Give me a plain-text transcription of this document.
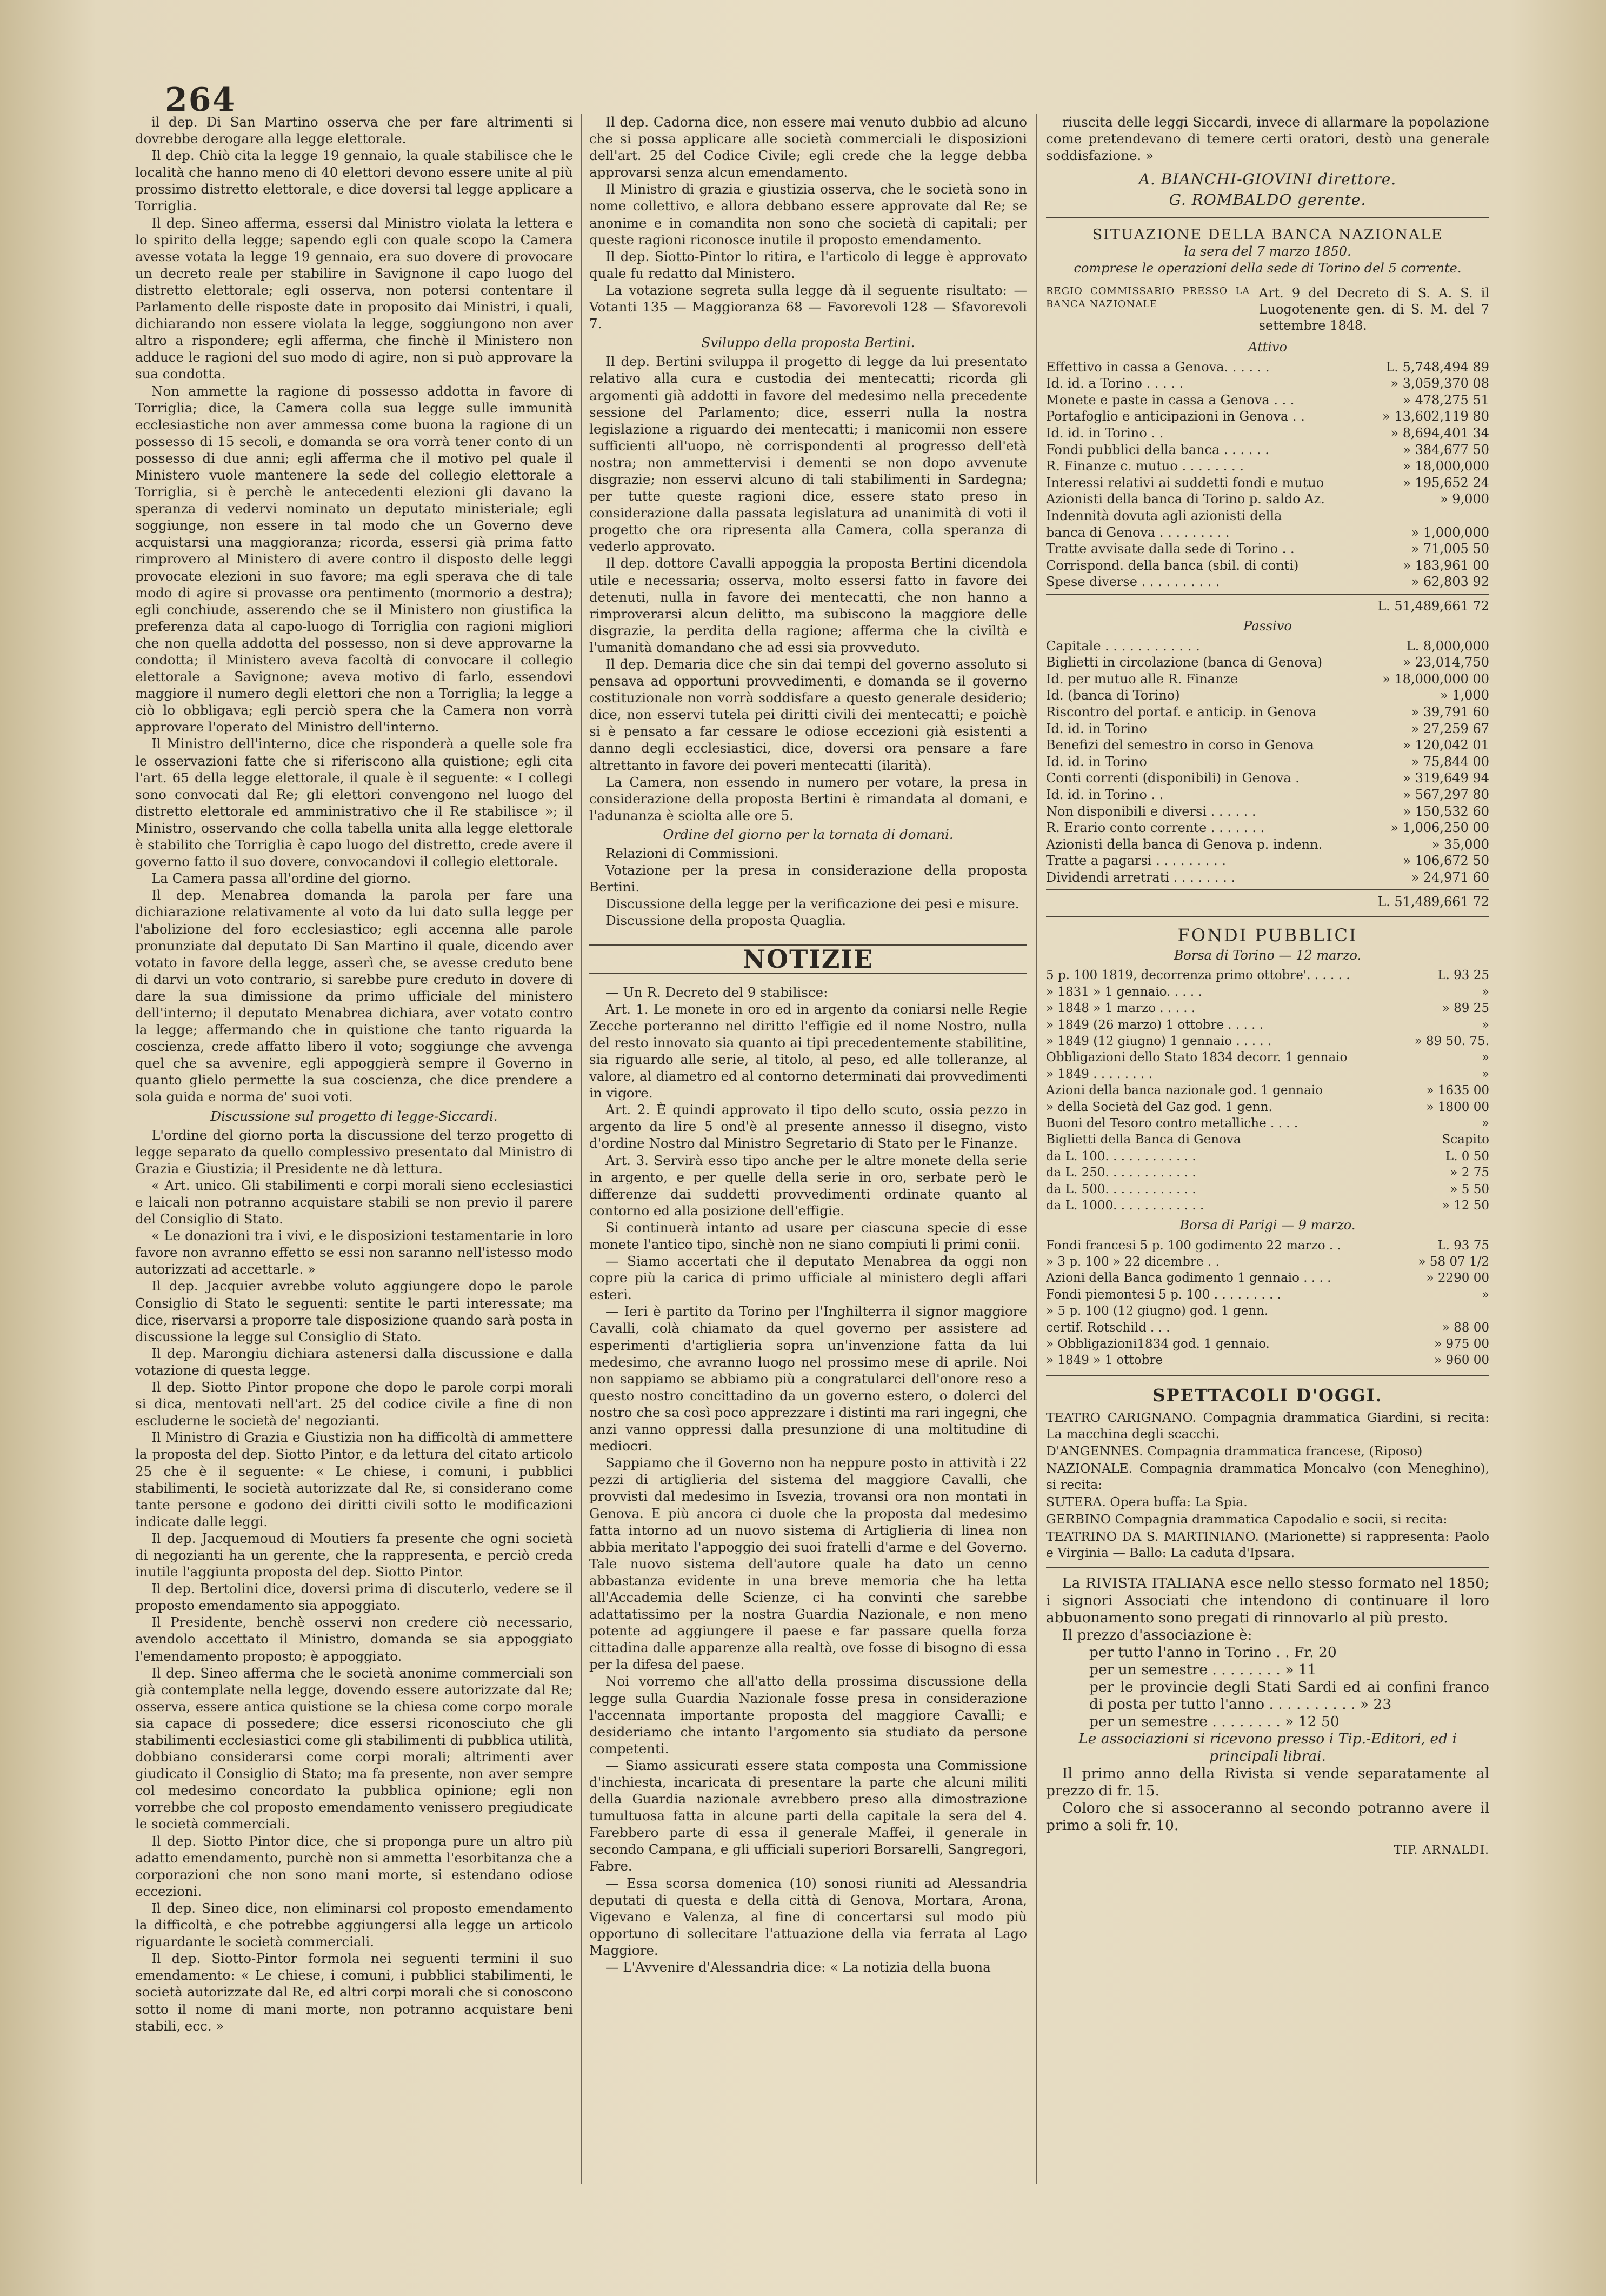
264

il dep. Di San Martino osserva che per fare altrimenti si dovrebbe derogare alla legge elettorale.

Il dep. Chiò cita la legge 19 gennaio, la quale stabilisce che le località che hanno meno di 40 elettori devono essere unite al più prossimo distretto elettorale, e dice doversi tal legge applicare a Torriglia.

Il dep. Sineo afferma, essersi dal Ministro violata la lettera e lo spirito della legge; sapendo egli con quale scopo la Camera avesse votata la legge 19 gennaio, era suo dovere di provocare un decreto reale per stabilire in Savignone il capo luogo del distretto elettorale; egli osserva, non potersi contentare il Parlamento delle risposte date in proposito dai Ministri, i quali, dichiarando non essere violata la legge, soggiungono non aver altro a rispondere; egli afferma, che finchè il Ministero non adduce le ragioni del suo modo di agire, non si può approvare la sua condotta.

Non ammette la ragione di possesso addotta in favore di Torriglia; dice, la Camera colla sua legge sulle immunità ecclesiastiche non aver ammessa come buona la ragione di un possesso di 15 secoli, e domanda se ora vorrà tener conto di un possesso di due anni; egli afferma che il motivo pel quale il Ministero vuole mantenere la sede del collegio elettorale a Torriglia, si è perchè le antecedenti elezioni gli davano la speranza di vedervi nominato un deputato ministeriale; egli soggiunge, non essere in tal modo che un Governo deve acquistarsi una maggioranza; ricorda, essersi già prima fatto rimprovero al Ministero di avere contro il disposto delle leggi provocate elezioni in suo favore; ma egli sperava che di tale modo di agire si provasse ora pentimento (mormorio a destra); egli conchiude, asserendo che se il Ministero non giustifica la preferenza data al capo-luogo di Torriglia con ragioni migliori che non quella addotta del possesso, non si deve approvarne la condotta; il Ministero aveva facoltà di convocare il collegio elettorale a Savignone; aveva motivo di farlo, essendovi maggiore il numero degli elettori che non a Torriglia; la legge a ciò lo obbligava; egli perciò spera che la Camera non vorrà approvare l'operato del Ministro dell'interno.

Il Ministro dell'interno, dice che risponderà a quelle sole fra le osservazioni fatte che si riferiscono alla quistione; egli cita l'art. 65 della legge elettorale, il quale è il seguente: « I collegi sono convocati dal Re; gli elettori convengono nel luogo del distretto elettorale ed amministrativo che il Re stabilisce »; il Ministro, osservando che colla tabella unita alla legge elettorale è stabilito che Torriglia è capo luogo del distretto, crede avere il governo fatto il suo dovere, convocandovi il collegio elettorale.

La Camera passa all'ordine del giorno.

Il dep. Menabrea domanda la parola per fare una dichiarazione relativamente al voto da lui dato sulla legge per l'abolizione del foro ecclesiastico; egli accenna alle parole pronunziate dal deputato Di San Martino il quale, dicendo aver votato in favore della legge, asserì che, se avesse creduto bene di darvi un voto contrario, si sarebbe pure creduto in dovere di dare la sua dimissione da primo ufficiale del ministero dell'interno; il deputato Menabrea dichiara, aver votato contro la legge; affermando che in quistione che tanto riguarda la coscienza, crede affatto libero il voto; soggiunge che avvenga quel che sa avvenire, egli appoggierà sempre il Governo in quanto glielo permette la sua coscienza, che dice prendere a sola guida e norma de' suoi voti.

Discussione sul progetto di legge-Siccardi.

L'ordine del giorno porta la discussione del terzo progetto di legge separato da quello complessivo presentato dal Ministro di Grazia e Giustizia; il Presidente ne dà lettura.

« Art. unico. Gli stabilimenti e corpi morali sieno ecclesiastici e laicali non potranno acquistare stabili se non previo il parere del Consiglio di Stato.

« Le donazioni tra i vivi, e le disposizioni testamentarie in loro favore non avranno effetto se essi non saranno nell'istesso modo autorizzati ad accettarle. »

Il dep. Jacquier avrebbe voluto aggiungere dopo le parole Consiglio di Stato le seguenti: sentite le parti interessate; ma dice, riservarsi a proporre tale disposizione quando sarà posta in discussione la legge sul Consiglio di Stato.

Il dep. Marongiu dichiara astenersi dalla discussione e dalla votazione di questa legge.

Il dep. Siotto Pintor propone che dopo le parole corpi morali si dica, mentovati nell'art. 25 del codice civile a fine di non escluderne le società de' negozianti.

Il Ministro di Grazia e Giustizia non ha difficoltà di ammettere la proposta del dep. Siotto Pintor, e da lettura del citato articolo 25 che è il seguente: « Le chiese, i comuni, i pubblici stabilimenti, le società autorizzate dal Re, si considerano come tante persone e godono dei diritti civili sotto le modificazioni indicate dalle leggi.

Il dep. Jacquemoud di Moutiers fa presente che ogni società di negozianti ha un gerente, che la rappresenta, e perciò creda inutile l'aggiunta proposta del dep. Siotto Pintor.

Il dep. Bertolini dice, doversi prima di discuterlo, vedere se il proposto emendamento sia appoggiato.

Il Presidente, benchè osservi non credere ciò necessario, avendolo accettato il Ministro, domanda se sia appoggiato l'emendamento proposto; è appoggiato.

Il dep. Sineo afferma che le società anonime commerciali son già contemplate nella legge, dovendo essere autorizzate dal Re; osserva, essere antica quistione se la chiesa come corpo morale sia capace di possedere; dice essersi riconosciuto che gli stabilimenti ecclesiastici come gli stabilimenti di pubblica utilità, dobbiano considerarsi come corpi morali; altrimenti aver giudicato il Consiglio di Stato; ma fa presente, non aver sempre col medesimo concordato la pubblica opinione; egli non vorrebbe che col proposto emendamento venissero pregiudicate le società commerciali.

Il dep. Siotto Pintor dice, che si proponga pure un altro più adatto emendamento, purchè non si ammetta l'esorbitanza che a corporazioni che non sono mani morte, si estendano odiose eccezioni.

Il dep. Sineo dice, non eliminarsi col proposto emendamento la difficoltà, e che potrebbe aggiungersi alla legge un articolo riguardante le società commerciali.

Il dep. Siotto-Pintor formola nei seguenti termini il suo emendamento: « Le chiese, i comuni, i pubblici stabilimenti, le società autorizzate dal Re, ed altri corpi morali che si conoscono sotto il nome di mani morte, non potranno acquistare beni stabili, ecc. »

Il dep. Cadorna dice, non essere mai venuto dubbio ad alcuno che si possa applicare alle società commerciali le disposizioni dell'art. 25 del Codice Civile; egli crede che la legge debba approvarsi senza alcun emendamento.

Il Ministro di grazia e giustizia osserva, che le società sono in nome collettivo, e allora debbano essere approvate dal Re; se anonime e in comandita non sono che società di capitali; per queste ragioni riconosce inutile il proposto emendamento.

Il dep. Siotto-Pintor lo ritira, e l'articolo di legge è approvato quale fu redatto dal Ministero.

La votazione segreta sulla legge dà il seguente risultato: — Votanti 135 — Maggioranza 68 — Favorevoli 128 — Sfavorevoli 7.

Sviluppo della proposta Bertini.

Il dep. Bertini sviluppa il progetto di legge da lui presentato relativo alla cura e custodia dei mentecatti; ricorda gli argomenti già addotti in favore del medesimo nella precedente sessione del Parlamento; dice, esserri nulla la nostra legislazione a riguardo dei mentecatti; i manicomii non essere sufficienti all'uopo, nè corrispondenti al progresso dell'età nostra; non ammettervisi i dementi se non dopo avvenute disgrazie; non esservi alcuno di tali stabilimenti in Sardegna; per tutte queste ragioni dice, essere stato preso in considerazione dalla passata legislatura ad unanimità di voti il progetto che ora ripresenta alla Camera, colla speranza di vederlo approvato.

Il dep. dottore Cavalli appoggia la proposta Bertini dicendola utile e necessaria; osserva, molto essersi fatto in favore dei detenuti, nulla in favore dei mentecatti, che non hanno a rimproverarsi alcun delitto, ma subiscono la maggiore delle disgrazie, la perdita della ragione; afferma che la civiltà e l'umanità domandano che ad essi sia provveduto.

Il dep. Demaria dice che sin dai tempi del governo assoluto si pensava ad opportuni provvedimenti, e domanda se il governo costituzionale non vorrà soddisfare a questo generale desiderio; dice, non esservi tutela pei diritti civili dei mentecatti; e poichè si è pensato a far cessare le odiose eccezioni già esistenti a danno degli ecclesiastici, dice, doversi ora pensare a fare altrettanto in favore dei poveri mentecatti (ilarità).

La Camera, non essendo in numero per votare, la presa in considerazione della proposta Bertini è rimandata al domani, e l'adunanza è sciolta alle ore 5.

Ordine del giorno per la tornata di domani.

Relazioni di Commissioni.

Votazione per la presa in considerazione della proposta Bertini.

Discussione della legge per la verificazione dei pesi e misure.

Discussione della proposta Quaglia.

NOTIZIE

— Un R. Decreto del 9 stabilisce:

Art. 1. Le monete in oro ed in argento da coniarsi nelle Regie Zecche porteranno nel diritto l'effigie ed il nome Nostro, nulla del resto innovato sia quanto ai tipi precedentemente stabilitine, sia riguardo alle serie, al titolo, al peso, ed alle tolleranze, al valore, al diametro ed al contorno determinati dai provvedimenti in vigore.

Art. 2. È quindi approvato il tipo dello scuto, ossia pezzo in argento da lire 5 ond'è al presente annesso il disegno, visto d'ordine Nostro dal Ministro Segretario di Stato per le Finanze.

Art. 3. Servirà esso tipo anche per le altre monete della serie in argento, e per quelle della serie in oro, serbate però le differenze dai suddetti provvedimenti ordinate quanto al contorno ed alla posizione dell'effigie.

Si continuerà intanto ad usare per ciascuna specie di esse monete l'antico tipo, sinchè non ne siano compiuti li primi conii.

— Siamo accertati che il deputato Menabrea da oggi non copre più la carica di primo ufficiale al ministero degli affari esteri.

— Ieri è partito da Torino per l'Inghilterra il signor maggiore Cavalli, colà chiamato da quel governo per assistere ad esperimenti d'artiglieria sopra un'invenzione fatta da lui medesimo, che avranno luogo nel prossimo mese di aprile. Noi non sappiamo se abbiamo più a congratularci dell'onore reso a questo nostro concittadino da un governo estero, o dolerci del nostro che sa così poco apprezzare i distinti ma rari ingegni, che anzi vanno oppressi dalla presunzione di una moltitudine di mediocri.

Sappiamo che il Governo non ha neppure posto in attività i 22 pezzi di artiglieria del sistema del maggiore Cavalli, che provvisti dal medesimo in Isvezia, trovansi ora non montati in Genova. E più ancora ci duole che la proposta dal medesimo fatta intorno ad un nuovo sistema di Artiglieria di linea non abbia meritato l'appoggio dei suoi fratelli d'arme e del Governo. Tale nuovo sistema dell'autore quale ha dato un cenno abbastanza evidente in una breve memoria che ha letta all'Accademia delle Scienze, ci ha convinti che sarebbe adattatissimo per la nostra Guardia Nazionale, e non meno potente ad aggiungere il paese e far passare quella forza cittadina dalle apparenze alla realtà, ove fosse di bisogno di essa per la difesa del paese.

Noi vorremo che all'atto della prossima discussione della legge sulla Guardia Nazionale fosse presa in considerazione l'accennata importante proposta del maggiore Cavalli; e desideriamo che intanto l'argomento sia studiato da persone competenti.

— Siamo assicurati essere stata composta una Commissione d'inchiesta, incaricata di presentare la parte che alcuni militi della Guardia nazionale avrebbero preso alla dimostrazione tumultuosa fatta in alcune parti della capitale la sera del 4. Farebbero parte di essa il generale Maffei, il generale in secondo Campana, e gli ufficiali superiori Borsarelli, Sangregori, Fabre.

— Essa scorsa domenica (10) sonosi riuniti ad Alessandria deputati di questa e della città di Genova, Mortara, Arona, Vigevano e Valenza, al fine di concertarsi sul modo più opportuno di sollecitare l'attuazione della via ferrata al Lago Maggiore.

— L'Avvenire d'Alessandria dice: « La notizia della buona

riuscita delle leggi Siccardi, invece di allarmare la popolazione come pretendevano di temere certi oratori, destò una generale soddisfazione. »

A. BIANCHI-GIOVINI direttore.
G. ROMBALDO gerente.
SITUAZIONE DELLA BANCA NAZIONALE
la sera del 7 marzo 1850.
comprese le operazioni della sede di Torino del 5 corrente.
REGIO COMMISSARIO PRESSO LA BANCA NAZIONALE
Art. 9 del Decreto di S. A. S. il Luogotenente gen. di S. M. del 7 settembre 1848.
Attivo
Effettivo in cassa a Genova. . . . . .	L. 5,748,494 89
Id. id. a Torino . . . . .	» 3,059,370 08
Monete e paste in cassa a Genova . . .	» 478,275 51
Portafoglio e anticipazioni in Genova . .	» 13,602,119 80
Id. id. in Torino . .	» 8,694,401 34
Fondi pubblici della banca . . . . . .	» 384,677 50
R. Finanze c. mutuo . . . . . . . .	» 18,000,000
Interessi relativi ai suddetti fondi e mutuo	» 195,652 24
Azionisti della banca di Torino p. saldo Az.	» 9,000
Indennità dovuta agli azionisti della
banca di Genova . . . . . . . . .	» 1,000,000
Tratte avvisate dalla sede di Torino . .	» 71,005 50
Corrispond. della banca (sbil. di conti)	» 183,961 00
Spese diverse . . . . . . . . . .	» 62,803 92
L. 51,489,661 72
Passivo
Capitale . . . . . . . . . . . .	L. 8,000,000
Biglietti in circolazione (banca di Genova)	» 23,014,750
Id. per mutuo alle R. Finanze	» 18,000,000 00
Id. (banca di Torino)	» 1,000
Riscontro del portaf. e anticip. in Genova	» 39,791 60
Id. id. in Torino	» 27,259 67
Benefizi del semestro in corso in Genova	» 120,042 01
Id. id. in Torino	» 75,844 00
Conti correnti (disponibili) in Genova .	» 319,649 94
Id. id. in Torino . .	» 567,297 80
Non disponibili e diversi . . . . . .	» 150,532 60
R. Erario conto corrente . . . . . . .	» 1,006,250 00
Azionisti della banca di Genova p. indenn.	» 35,000
Tratte a pagarsi . . . . . . . . .	» 106,672 50
Dividendi arretrati . . . . . . . .	» 24,971 60
L. 51,489,661 72
FONDI PUBBLICI
Borsa di Torino — 12 marzo.
5 p. 100 1819, decorrenza primo ottobre'. . . . . .	L. 93 25
» 1831 » 1 gennaio. . . . .	»
» 1848 » 1 marzo . . . . .	» 89 25
» 1849 (26 marzo) 1 ottobre . . . . .	»
» 1849 (12 giugno) 1 gennaio . . . . .	» 89 50. 75.
Obbligazioni dello Stato 1834 decorr. 1 gennaio	»
» 1849 . . . . . . . .	»
Azioni della banca nazionale god. 1 gennaio	» 1635 00
» della Società del Gaz god. 1 genn.	» 1800 00
Buoni del Tesoro contro metalliche . . . .	»
Biglietti della Banca di Genova	Scapito
da L. 100. . . . . . . . . . . .	L. 0 50
da L. 250. . . . . . . . . . . .	» 2 75
da L. 500. . . . . . . . . . . .	» 5 50
da L. 1000. . . . . . . . . . . .	» 12 50
Borsa di Parigi — 9 marzo.
Fondi francesi 5 p. 100 godimento 22 marzo . .	L. 93 75
» 3 p. 100 » 22 dicembre . .	» 58 07 1/2
Azioni della Banca godimento 1 gennaio . . . .	» 2290 00
Fondi piemontesi 5 p. 100 . . . . . . . . .	»
» 5 p. 100 (12 giugno) god. 1 genn.
certif. Rotschild . . .	» 88 00
» Obbligazioni1834 god. 1 gennaio.	» 975 00
» 1849 » 1 ottobre	» 960 00
SPETTACOLI D'OGGI.

TEATRO CARIGNANO. Compagnia drammatica Giardini, si recita: La macchina degli scacchi.

D'ANGENNES. Compagnia drammatica francese, (Riposo)

NAZIONALE. Compagnia drammatica Moncalvo (con Meneghino), si recita:

SUTERA. Opera buffa: La Spia.

GERBINO Compagnia drammatica Capodalio e socii, si recita:

TEATRINO DA S. MARTINIANO. (Marionette) si rappresenta: Paolo e Virginia — Ballo: La caduta d'Ipsara.

La RIVISTA ITALIANA esce nello stesso formato nel 1850; i signori Associati che intendono di continuare il loro abbuonamento sono pregati di rinnovarlo al più presto.

Il prezzo d'associazione è:

per tutto l'anno in Torino . . Fr. 20

per un semestre . . . . . . . . » 11

per le provincie degli Stati Sardi ed ai confini franco di posta per tutto l'anno . . . . . . . . . . » 23

per un semestre . . . . . . . . » 12 50

Le associazioni si ricevono presso i Tip.-Editori, ed i principali librai.

Il primo anno della Rivista si vende separatamente al prezzo di fr. 15.

Coloro che si assoceranno al secondo potranno avere il primo a soli fr. 10.

TIP. ARNALDI.
